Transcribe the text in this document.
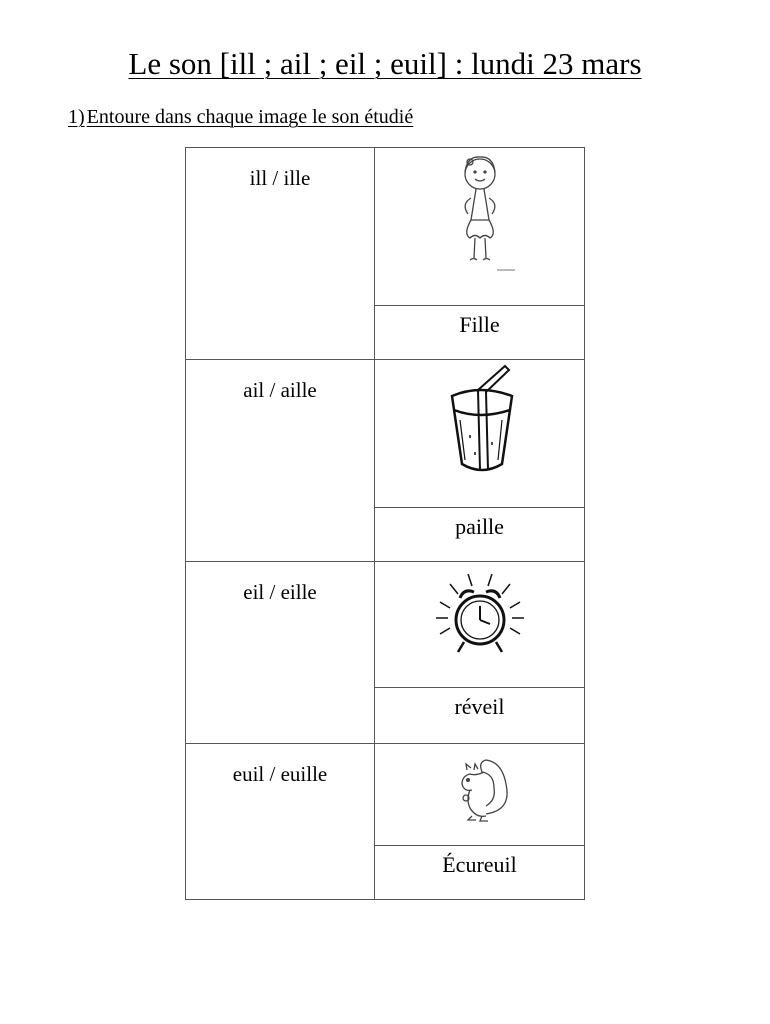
Le son [ill ; ail ; eil ; euil] : lundi 23 mars
1) Entoure dans chaque image le son étudié
ill / ille

	Fille

ail / aille

	paille

eil / eille

	réveil

euil / euille

	Écureuil
